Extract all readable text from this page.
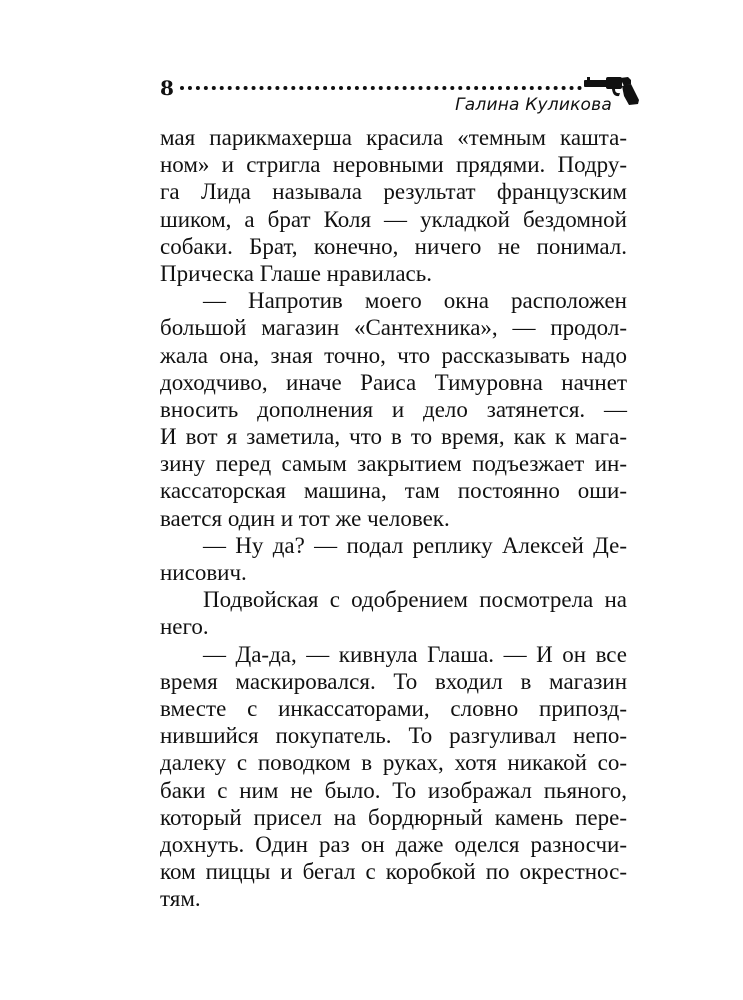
8
Галина Куликова
мая парикмахерша красила «темным кашта-
ном» и стригла неровными прядями. Подру-
га Лида называла результат французским
шиком, а брат Коля — укладкой бездомной
собаки. Брат, конечно, ничего не понимал.
Прическа Глаше нравилась.
— Напротив моего окна расположен
большой магазин «Сантехника», — продол-
жала она, зная точно, что рассказывать надо
доходчиво, иначе Раиса Тимуровна начнет
вносить дополнения и дело затянется. —
И вот я заметила, что в то время, как к мага-
зину перед самым закрытием подъезжает ин-
кассаторская машина, там постоянно оши-
вается один и тот же человек.
— Ну да? — подал реплику Алексей Де-
нисович.
Подвойская с одобрением посмотрела на
него.
— Да-да, — кивнула Глаша. — И он все
время маскировался. То входил в магазин
вместе с инкассаторами, словно припозд-
нившийся покупатель. То разгуливал непо-
далеку с поводком в руках, хотя никакой со-
баки с ним не было. То изображал пьяного,
который присел на бордюрный камень пере-
дохнуть. Один раз он даже оделся разносчи-
ком пиццы и бегал с коробкой по окрестнос-
тям.
